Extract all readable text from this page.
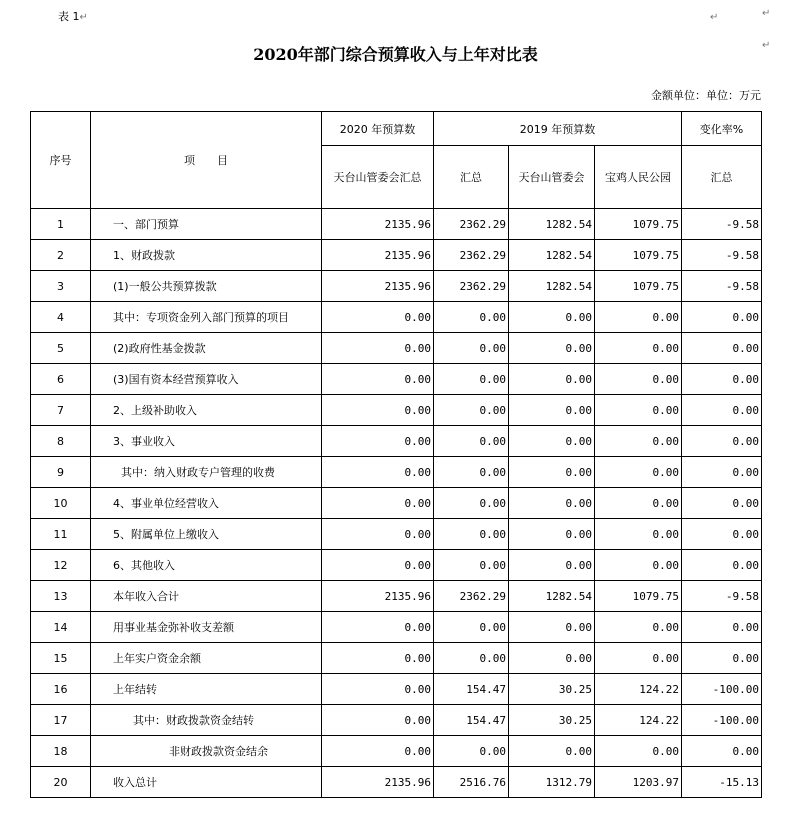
表 1↵	↵	↵
↵
2020年部门综合预算收入与上年对比表
金额单位：单位：万元
序号	项　　目	2020 年预算数	2019 年预算数			变化率%
		天台山管委会汇总	汇总	天台山管委会	宝鸡人民公园	汇总
1	一、部门预算	2135.96	2362.29	1282.54	1079.75	-9.58
2	1、财政拨款	2135.96	2362.29	1282.54	1079.75	-9.58
3	(1)一般公共预算拨款	2135.96	2362.29	1282.54	1079.75	-9.58
4	其中：专项资金列入部门预算的项目	0.00	0.00	0.00	0.00	0.00
5	(2)政府性基金拨款	0.00	0.00	0.00	0.00	0.00
6	(3)国有资本经营预算收入	0.00	0.00	0.00	0.00	0.00
7	2、上级补助收入	0.00	0.00	0.00	0.00	0.00
8	3、事业收入	0.00	0.00	0.00	0.00	0.00
9	其中：纳入财政专户管理的收费	0.00	0.00	0.00	0.00	0.00
10	4、事业单位经营收入	0.00	0.00	0.00	0.00	0.00
11	5、附属单位上缴收入	0.00	0.00	0.00	0.00	0.00
12	6、其他收入	0.00	0.00	0.00	0.00	0.00
13	本年收入合计	2135.96	2362.29	1282.54	1079.75	-9.58
14	用事业基金弥补收支差额	0.00	0.00	0.00	0.00	0.00
15	上年实户资金余额	0.00	0.00	0.00	0.00	0.00
16	上年结转	0.00	154.47	30.25	124.22	-100.00
17	其中：财政拨款资金结转	0.00	154.47	30.25	124.22	-100.00
18	非财政拨款资金结余	0.00	0.00	0.00	0.00	0.00
20	收入总计	2135.96	2516.76	1312.79	1203.97	-15.13
